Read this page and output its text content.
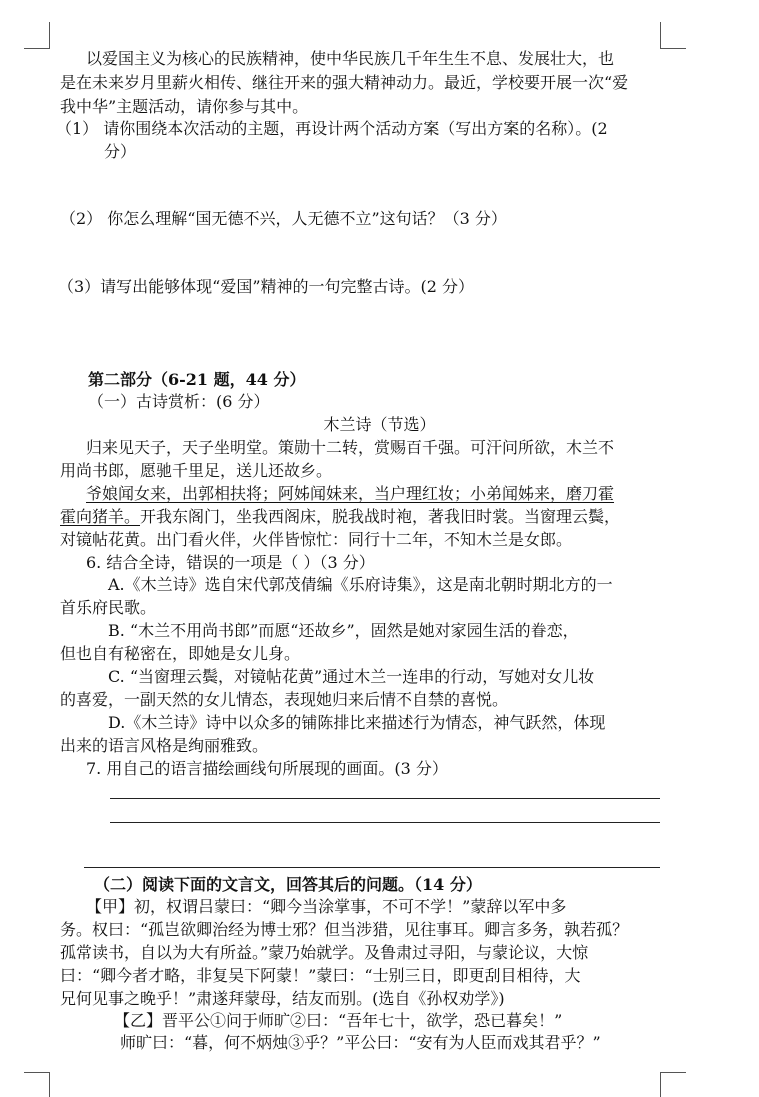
以爱国主义为核心的民族精神，使中华民族几千年生生不息、发展壮大，也
是在未来岁月里薪火相传、继往开来的强大精神动力。最近，学校要开展一次“爱
我中华”主题活动，请你参与其中。
（1） 请你围绕本次活动的主题，再设计两个活动方案（写出方案的名称）。(2
分）
（2） 你怎么理解“国无德不兴，人无德不立”这句话？（3 分）
（3）请写出能够体现“爱国”精神的一句完整古诗。(2 分）
第二部分（6-21 题，44 分）
（一）古诗赏析：(6 分）
木兰诗（节选）
归来见天子，天子坐明堂。策勋十二转，赏赐百千强。可汗问所欲，木兰不
用尚书郎，愿驰千里足，送儿还故乡。
爷娘闻女来，出郭相扶将；阿姊闻妹来，当户理红妆；小弟闻姊来，磨刀霍
霍向猪羊。开我东阁门，坐我西阁床，脱我战时袍，著我旧时裳。当窗理云鬓，
对镜帖花黄。出门看火伴，火伴皆惊忙：同行十二年，不知木兰是女郎。
6. 结合全诗，错误的一项是（ ）（3 分）
A.《木兰诗》选自宋代郭茂倩编《乐府诗集》，这是南北朝时期北方的一
首乐府民歌。
B. “木兰不用尚书郎”而愿“还故乡”，固然是她对家园生活的眷恋，
但也自有秘密在，即她是女儿身。
C. “当窗理云鬓，对镜帖花黄”通过木兰一连串的行动，写她对女儿妆
的喜爱，一副天然的女儿情态，表现她归来后情不自禁的喜悦。
D.《木兰诗》诗中以众多的铺陈排比来描述行为情态，神气跃然，体现
出来的语言风格是绚丽雅致。
7. 用自己的语言描绘画线句所展现的画面。(3 分）
（二）阅读下面的文言文，回答其后的问题。（14 分）
【甲】初，权谓吕蒙曰：“卿今当涂掌事，不可不学！”蒙辞以军中多
务。权曰：“孤岂欲卿治经为博士邪？但当涉猎，见往事耳。卿言多务，孰若孤？
孤常读书，自以为大有所益。”蒙乃始就学。及鲁肃过寻阳，与蒙论议，大惊
曰：“卿今者才略，非复吴下阿蒙！”蒙曰：“士别三日，即更刮目相待，大
兄何见事之晚乎！”肃遂拜蒙母，结友而别。(选自《孙权劝学》)
【乙】晋平公①问于师旷②曰：“吾年七十，欲学，恐已暮矣！”
师旷曰：“暮，何不炳烛③乎？”平公曰：“安有为人臣而戏其君乎？”
